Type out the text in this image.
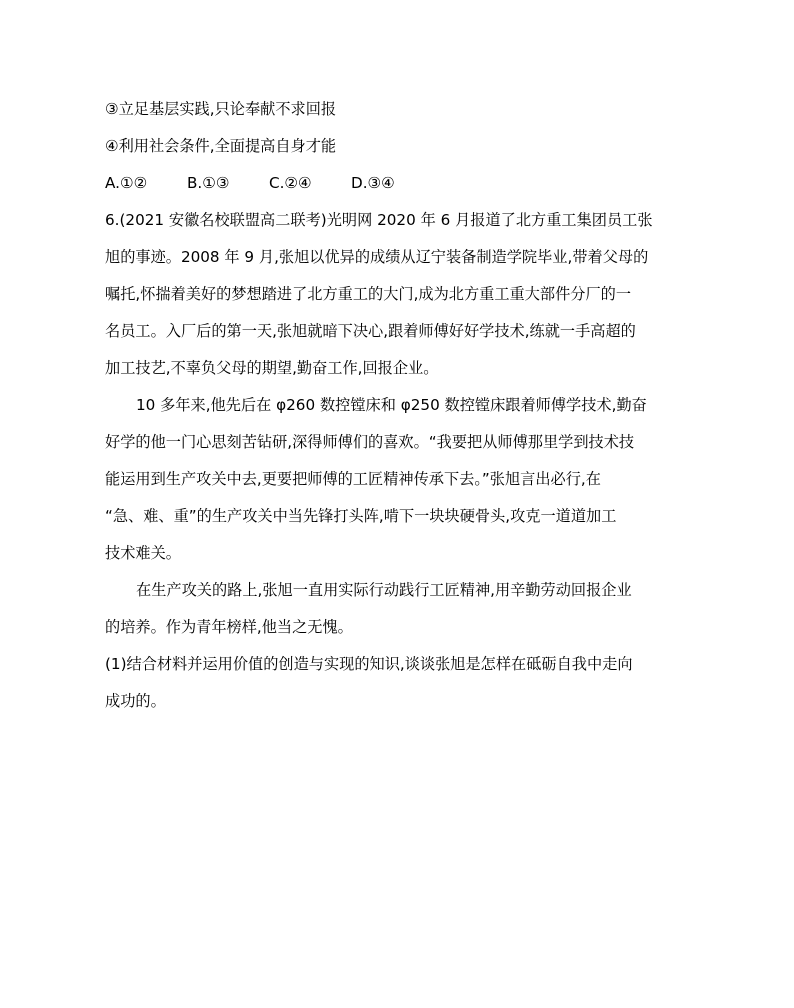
③立足基层实践,只论奉献不求回报
④利用社会条件,全面提高自身才能
A.①②	B.①③	C.②④	D.③④
6.(2021 安徽名校联盟高二联考)光明网 2020 年 6 月报道了北方重工集团员工张
旭的事迹。2008 年 9 月,张旭以优异的成绩从辽宁装备制造学院毕业,带着父母的
嘱托,怀揣着美好的梦想踏进了北方重工的大门,成为北方重工重大部件分厂的一
名员工。入厂后的第一天,张旭就暗下决心,跟着师傅好好学技术,练就一手高超的
加工技艺,不辜负父母的期望,勤奋工作,回报企业。
10 多年来,他先后在 φ260 数控镗床和 φ250 数控镗床跟着师傅学技术,勤奋
好学的他一门心思刻苦钻研,深得师傅们的喜欢。“我要把从师傅那里学到技术技
能运用到生产攻关中去,更要把师傅的工匠精神传承下去。”张旭言出必行,在
“急、难、重”的生产攻关中当先锋打头阵,啃下一块块硬骨头,攻克一道道加工
技术难关。
在生产攻关的路上,张旭一直用实际行动践行工匠精神,用辛勤劳动回报企业
的培养。作为青年榜样,他当之无愧。
(1)结合材料并运用价值的创造与实现的知识,谈谈张旭是怎样在砥砺自我中走向
成功的。
